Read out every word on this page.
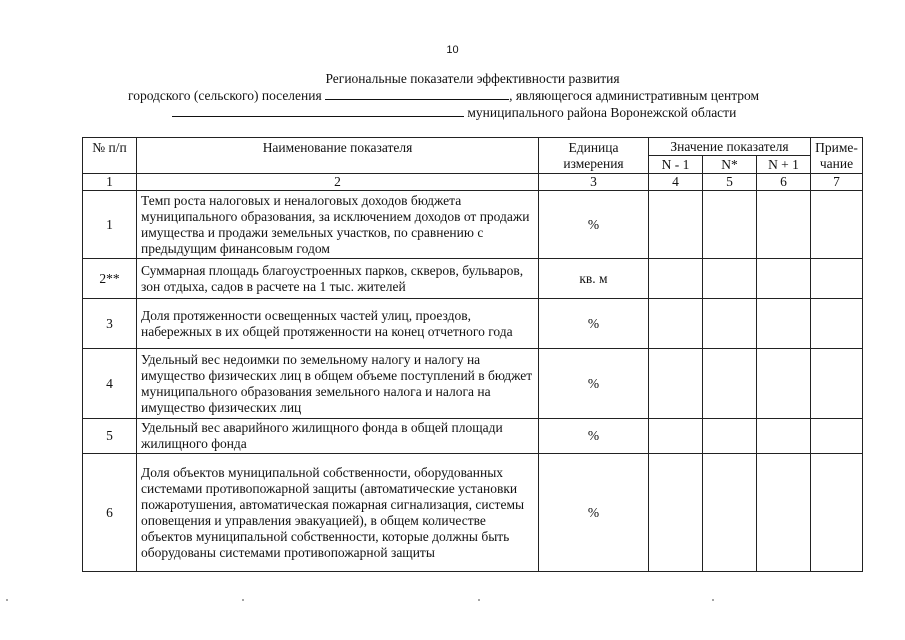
10
Региональные показатели эффективности развития
городского (сельского) поселения	, являющегося административным центром
муниципального района Воронежской области
№ п/п	Наименование показателя	Единица измерения	Значение показателя			Приме-чание
			N - 1	N*	N + 1	
1	2	3	4	5	6	7
1	Темп роста налоговых и неналоговых доходов бюджета муниципального образования, за исключением доходов от продажи имущества и продажи земельных участков, по сравнению с предыдущим финансовым годом	%				
2**	Суммарная площадь благоустроенных парков, скверов, бульваров, зон отдыха, садов в расчете на 1 тыс. жителей	кв. м				
3	Доля протяженности освещенных частей улиц, проездов, набережных в их общей протяженности на конец отчетного года	%				
4	Удельный вес недоимки по земельному налогу и налогу на имущество физических лиц в общем объеме поступлений в бюджет муниципального образования земельного налога и налога на имущество физических лиц	%				
5	Удельный вес аварийного жилищного фонда в общей площади жилищного фонда	%				
6	Доля объектов муниципальной собственности, оборудованных системами противопожарной защиты (автоматические установки пожаротушения, автоматическая пожарная сигнализация, системы оповещения и управления эвакуацией), в общем количестве объектов муниципальной собственности, которые должны быть оборудованы системами противопожарной защиты	%				
